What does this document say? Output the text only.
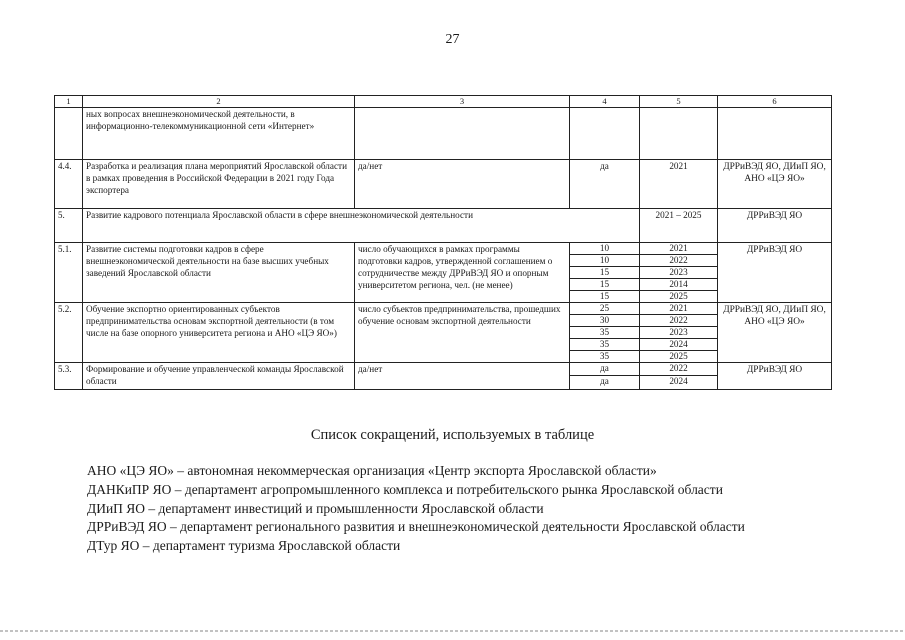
27
1	2	3	4	5	6
	ных вопросах внешнеэкономической деятельности, в информационно-телекоммуникационной сети «Интернет»				
4.4.	Разработка и реализация плана мероприятий Ярославской области в рамках проведения в Российской Федерации в 2021 году Года экспортера	да/нет	да	2021	ДРРиВЭД ЯО, ДИиП ЯО, АНО «ЦЭ ЯО»
5.	Развитие кадрового потенциала Ярославской области в сфере внешнеэкономической деятельности			2021 – 2025	ДРРиВЭД ЯО
5.1.	Развитие системы подготовки кадров в сфере внешнеэкономической деятельности на базе высших учебных заведений Ярославской области	число обучающихся в рамках программы подготовки кадров, утвержденной соглашением о сотрудничестве между ДРРиВЭД ЯО и опорным университетом региона, чел. (не менее)	10	2021	ДРРиВЭД ЯО
			10	2022	
			15	2023	
			15	2014	
			15	2025	
5.2.	Обучение экспортно ориентированных субъектов предпринимательства основам экспортной деятельности (в том числе на базе опорного университета региона и АНО «ЦЭ ЯО»)	число субъектов предпринимательства, прошедших обучение основам экспортной деятельности	25	2021	ДРРиВЭД ЯО, ДИиП ЯО, АНО «ЦЭ ЯО»
			30	2022	
			35	2023	
			35	2024	
			35	2025	
5.3.	Формирование и обучение управленческой команды Ярославской области	да/нет	да	2022	ДРРиВЭД ЯО
			да	2024	
Список сокращений, используемых в таблице
АНО «ЦЭ ЯО» – автономная некоммерческая организация «Центр экспорта Ярославской области»
ДАНКиПР ЯО – департамент агропромышленного комплекса и потребительского рынка Ярославской области
ДИиП ЯО – департамент инвестиций и промышленности Ярославской области
ДРРиВЭД ЯО – департамент регионального развития и внешнеэкономической деятельности Ярославской области
ДТур ЯО – департамент туризма Ярославской области
